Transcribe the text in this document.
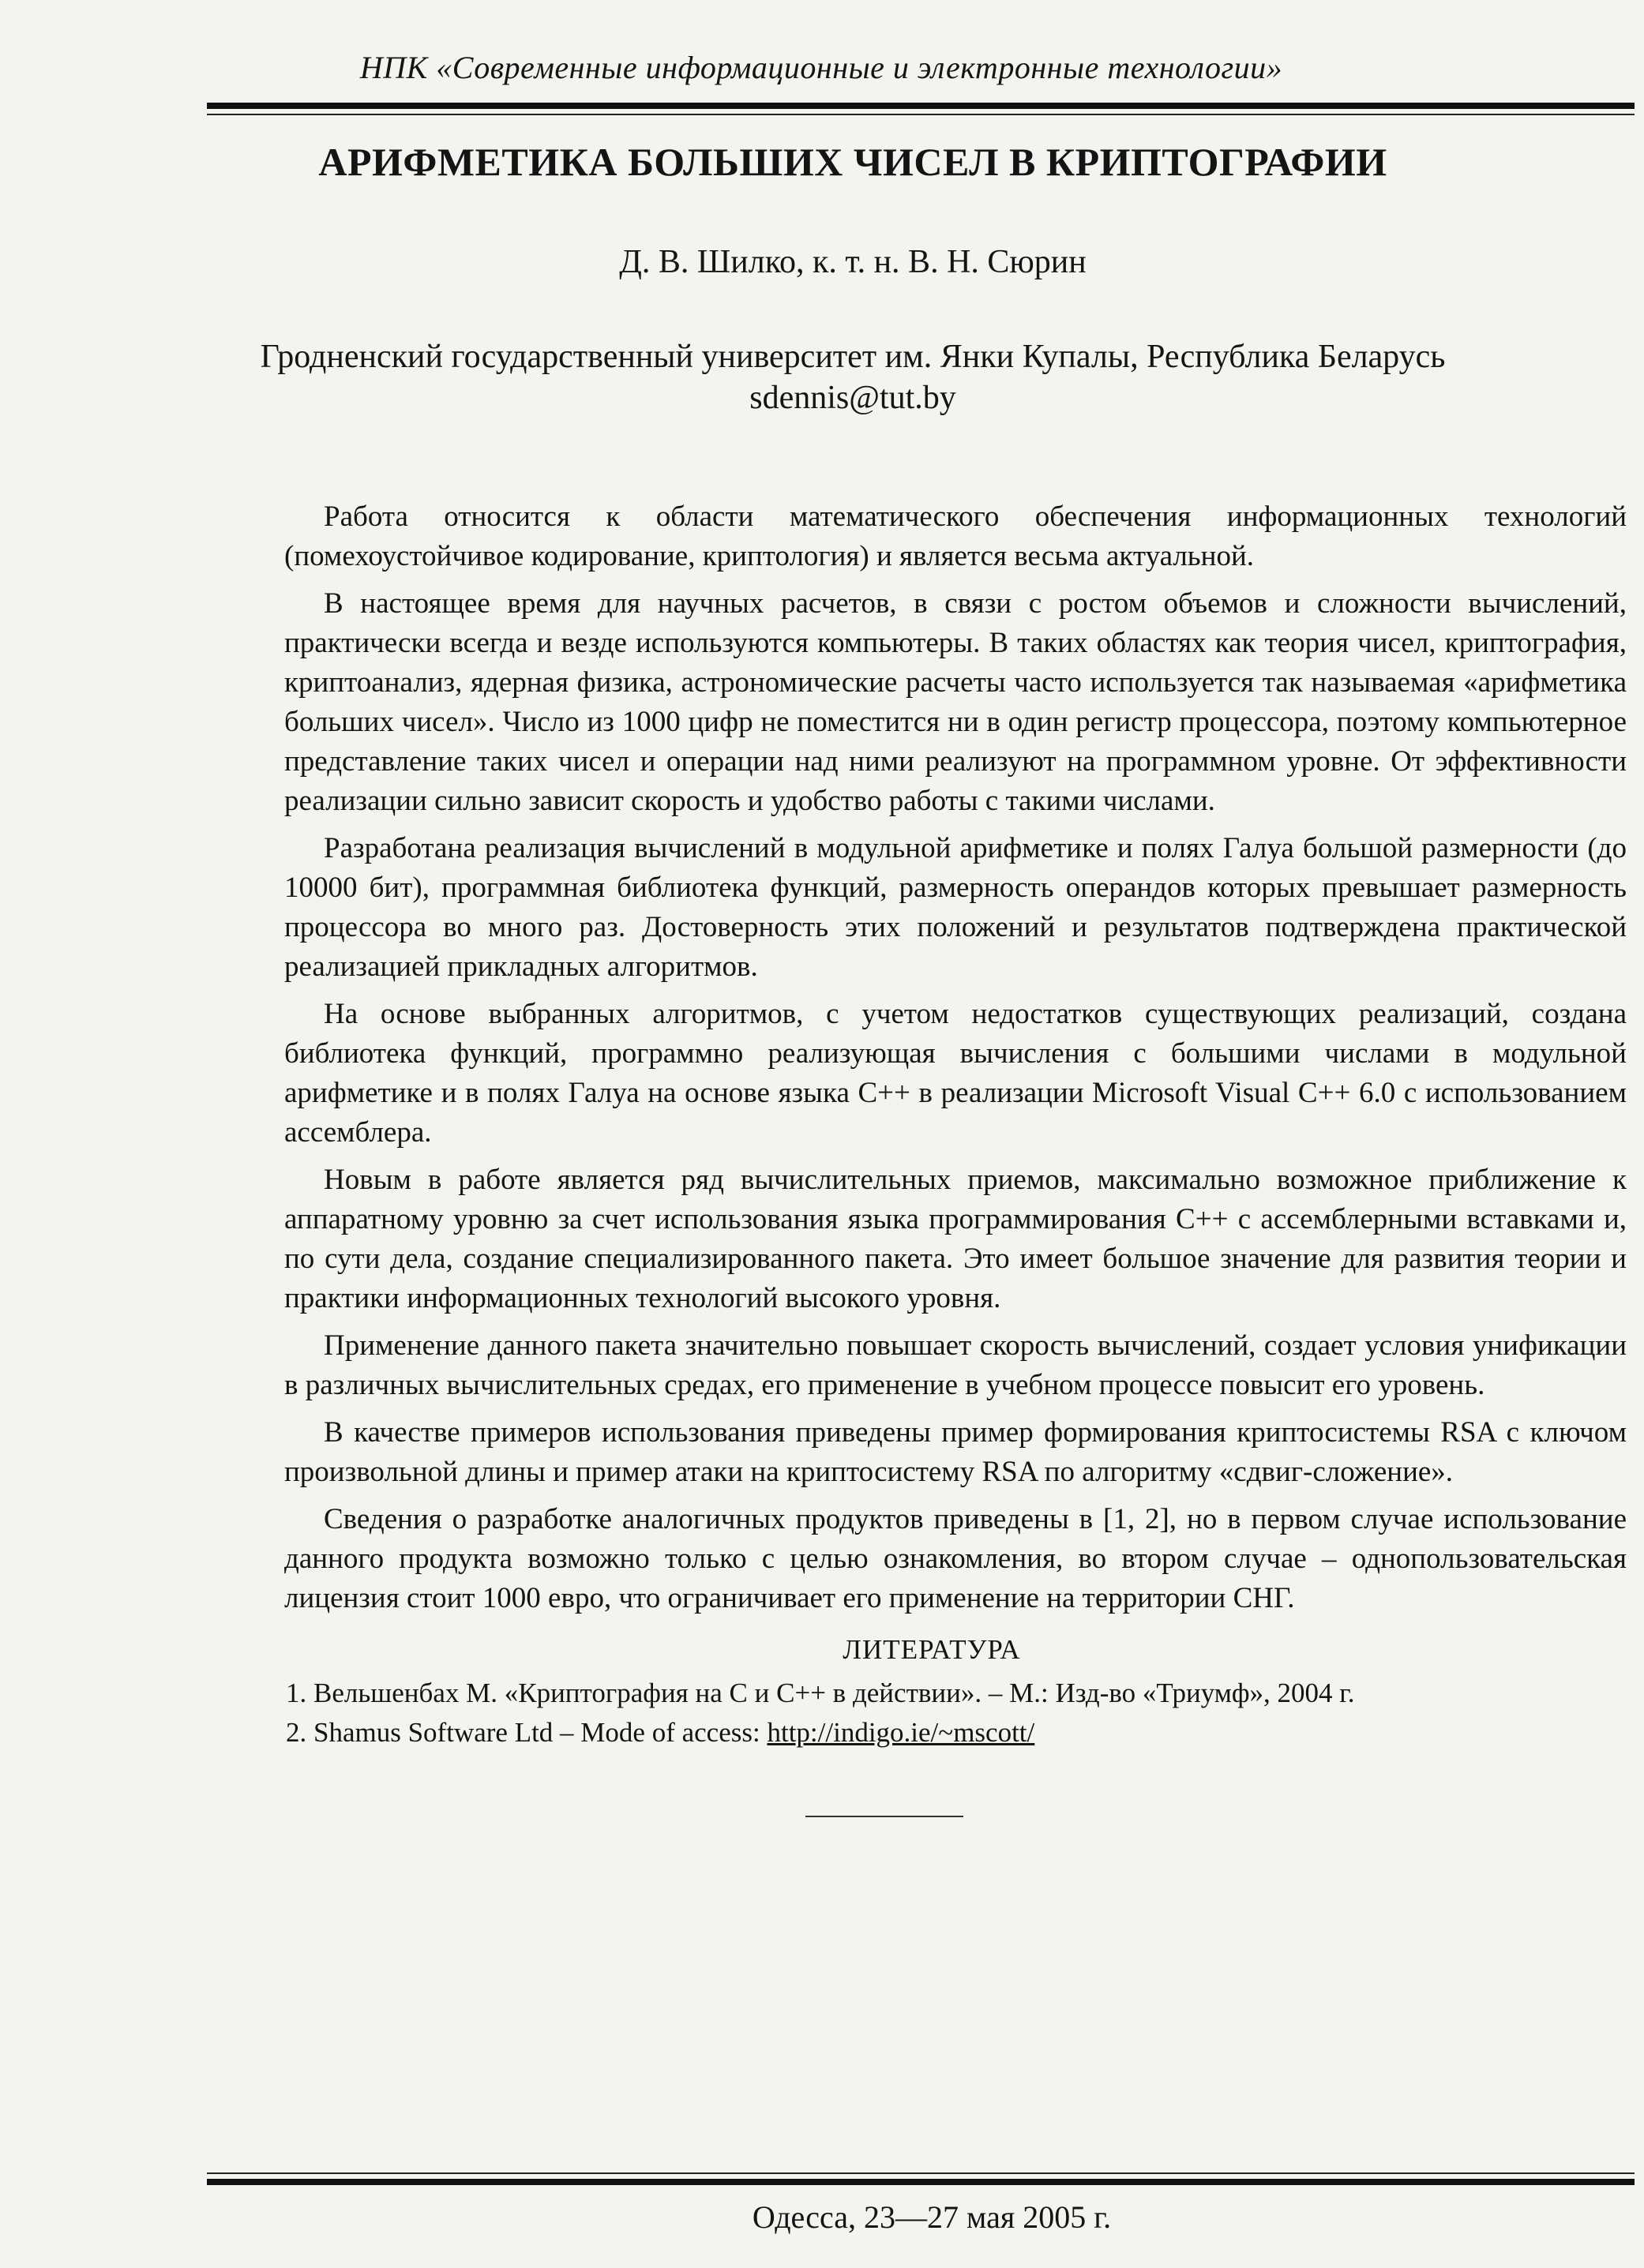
НПК «Современные информационные и электронные технологии»
АРИФМЕТИКА БОЛЬШИХ ЧИСЕЛ В КРИПТОГРАФИИ
Д. В. Шилко, к. т. н. В. Н. Сюрин
Гродненский государственный университет им. Янки Купалы, Республика Беларусь
sdennis@tut.by

Работа относится к области математического обеспечения информационных технологий (помехоустойчивое кодирование, криптология) и является весьма актуальной.

В настоящее время для научных расчетов, в связи с ростом объемов и сложности вычислений, практически всегда и везде используются компьютеры. В таких областях как теория чисел, криптография, криптоанализ, ядерная физика, астрономические расчеты часто используется так называемая «арифметика больших чисел». Число из 1000 цифр не поместится ни в один регистр процессора, поэтому компьютерное представление таких чисел и операции над ними реализуют на программном уровне. От эффективности реализации сильно зависит скорость и удобство работы с такими числами.

Разработана реализация вычислений в модульной арифметике и полях Галуа большой размерности (до 10000 бит), программная библиотека функций, размерность операндов которых превышает размерность процессора во много раз. Достоверность этих положений и результатов подтверждена практической реализацией прикладных алгоритмов.

На основе выбранных алгоритмов, с учетом недостатков существующих реализаций, создана библиотека функций, программно реализующая вычисления с большими числами в модульной арифметике и в полях Галуа на основе языка C++ в реализации Microsoft Visual C++ 6.0 с использованием ассемблера.

Новым в работе является ряд вычислительных приемов, максимально возможное приближение к аппаратному уровню за счет использования языка программирования C++ с ассемблерными вставками и, по сути дела, создание специализированного пакета. Это имеет большое значение для развития теории и практики информационных технологий высокого уровня.

Применение данного пакета значительно повышает скорость вычислений, создает условия унификации в различных вычислительных средах, его применение в учебном процессе повысит его уровень.

В качестве примеров использования приведены пример формирования криптосистемы RSA с ключом произвольной длины и пример атаки на криптосистему RSA по алгоритму «сдвиг-сложение».

Сведения о разработке аналогичных продуктов приведены в [1, 2], но в первом случае использование данного продукта возможно только с целью ознакомления, во втором случае – однопользовательская лицензия стоит 1000 евро, что ограничивает его применение на территории СНГ.

ЛИТЕРАТУРА
1. Вельшенбах М. «Криптография на С и С++ в действии». – М.: Изд-во «Триумф», 2004 г.
2. Shamus Software Ltd – Mode of access: http://indigo.ie/~mscott/
Одесса, 23—27 мая 2005 г.
